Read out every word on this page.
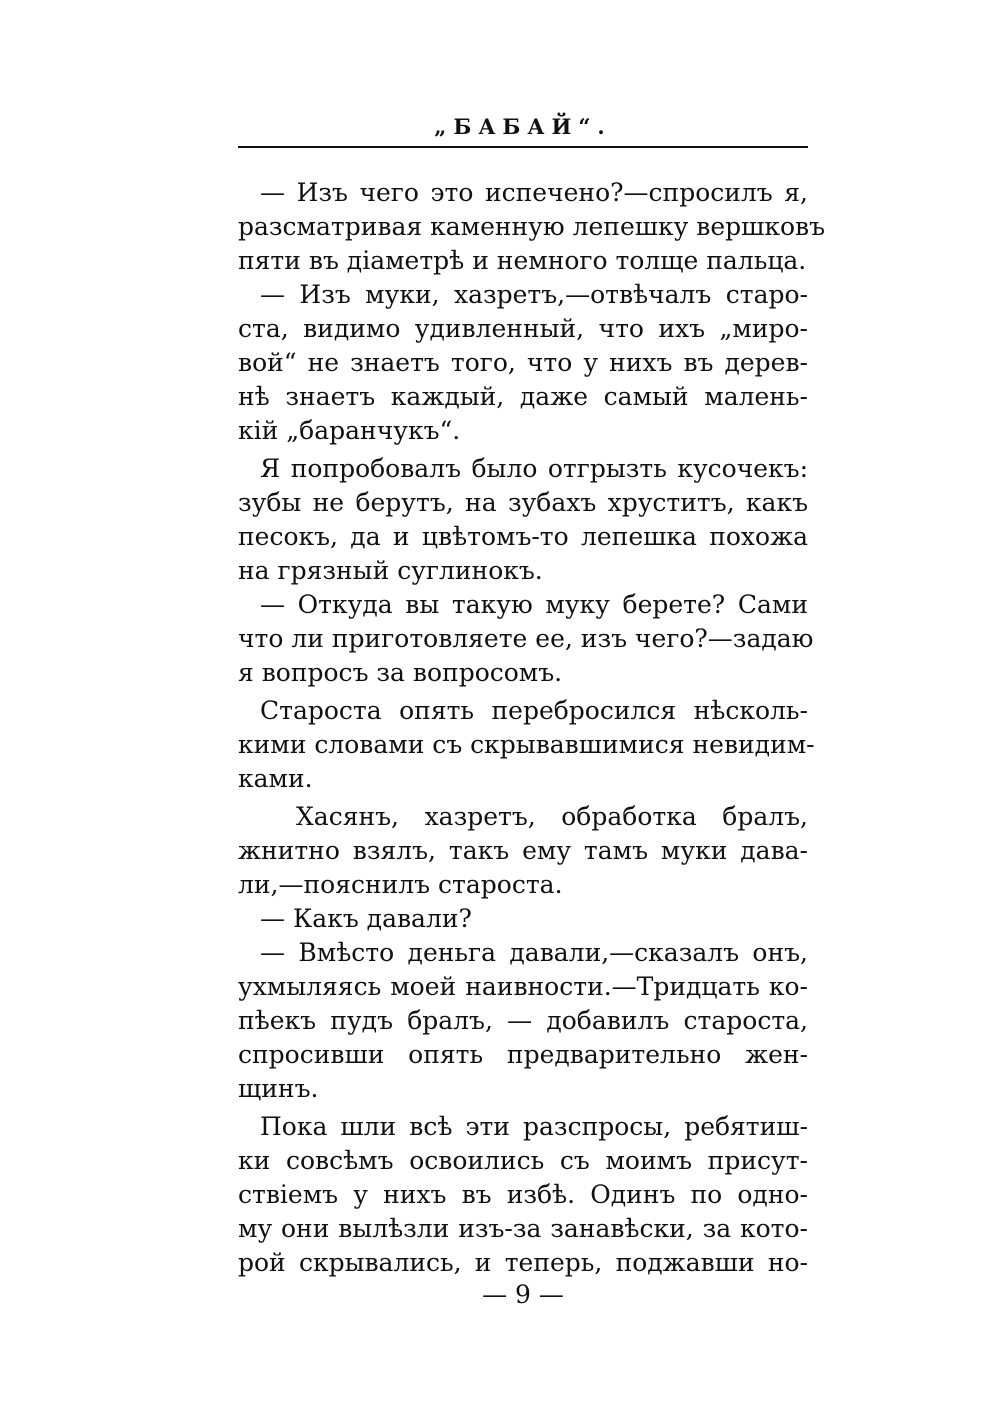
„БАБАЙ“.
— Изъ чего это испечено?—спросилъ я,
разсматривая каменную лепешку вершковъ
пяти въ діаметрѣ и немного толще пальца.
— Изъ муки, хазретъ,—отвѣчалъ старо-
ста, видимо удивленный, что ихъ „миро-
вой“ не знаетъ того, что у нихъ въ дерев-
нѣ знаетъ каждый, даже самый малень-
кій „баранчукъ“.
Я попробовалъ было отгрызть кусочекъ:
зубы не берутъ, на зубахъ хруститъ, какъ
песокъ, да и цвѣтомъ-то лепешка похожа
на грязный суглинокъ.
— Откуда вы такую муку берете? Сами
что ли приготовляете ее, изъ чего?—задаю
я вопросъ за вопросомъ.
Староста опять перебросился нѣсколь-
кими словами съ скрывавшимися невидим-
ками.
Хасянъ, хазретъ, обработка бралъ,
жнитно взялъ, такъ ему тамъ муки дава-
ли,—пояснилъ староста.
— Какъ давали?
— Вмѣсто деньга давали,—сказалъ онъ,
ухмыляясь моей наивности.—Тридцать ко-
пѣекъ пудъ бралъ, — добавилъ староста,
спросивши опять предварительно жен-
щинъ.
Пока шли всѣ эти разспросы, ребятиш-
ки совсѣмъ освоились съ моимъ присут-
ствіемъ у нихъ въ избѣ. Одинъ по одно-
му они вылѣзли изъ-за занавѣски, за кото-
рой скрывались, и теперь, поджавши но-
— 9 —
